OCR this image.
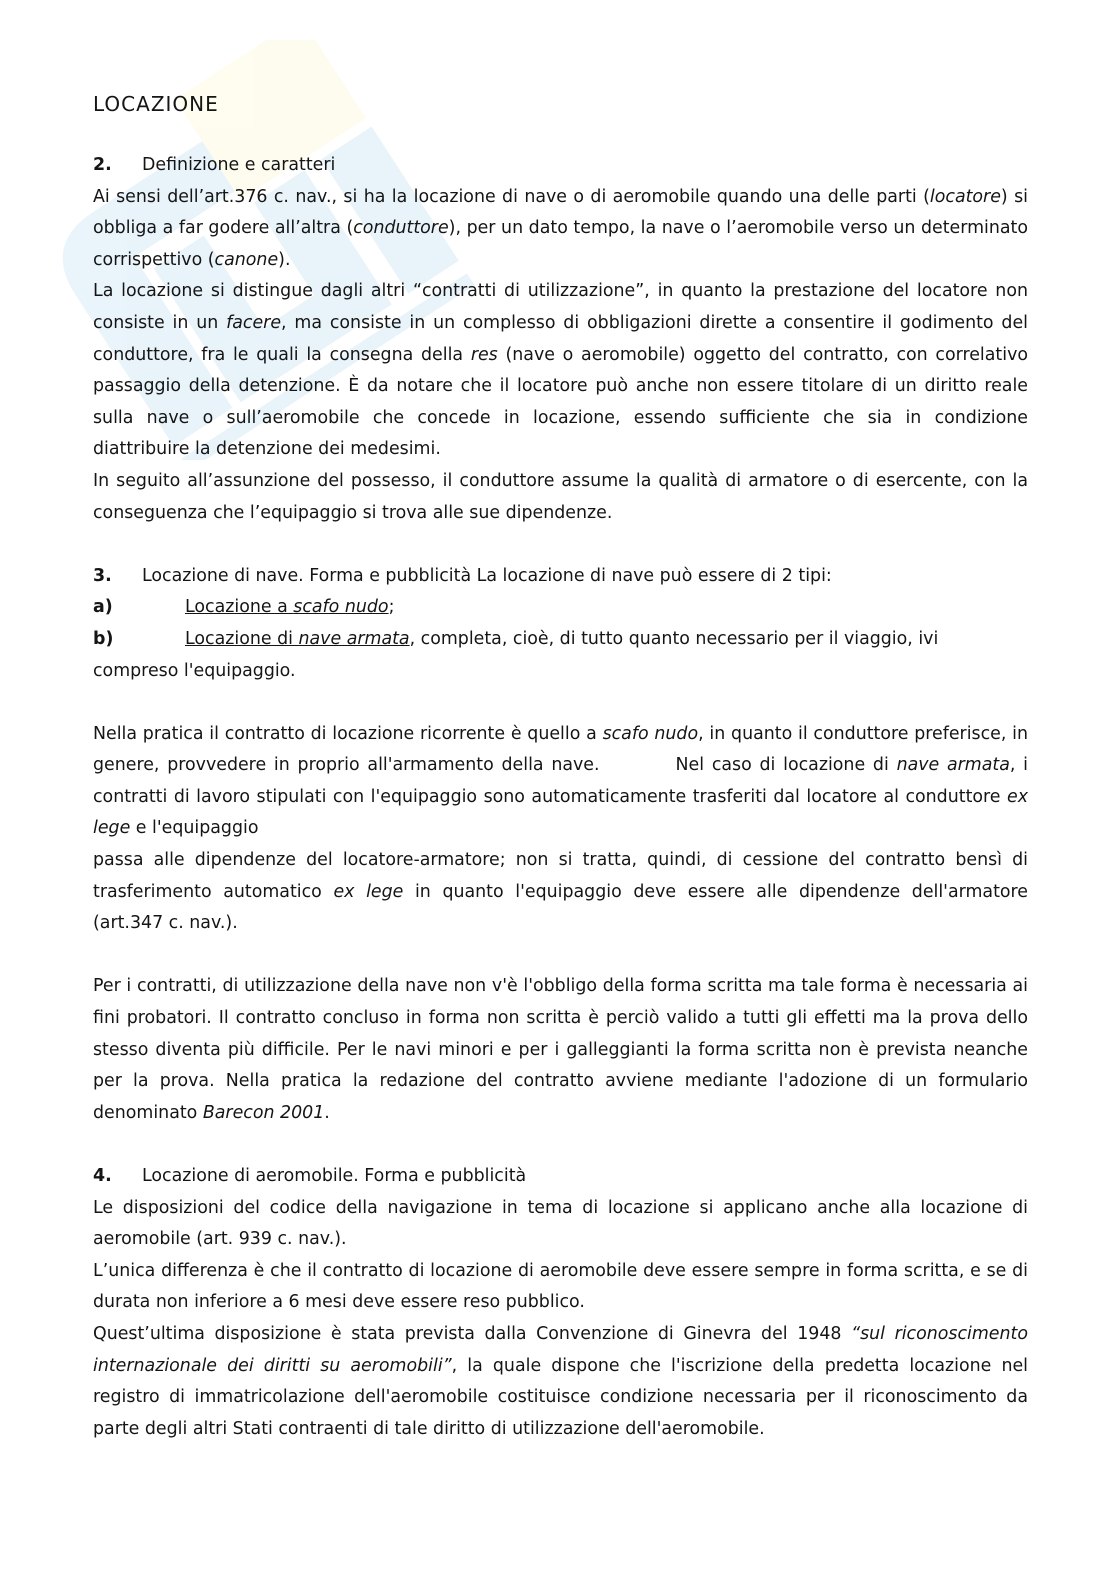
LOCAZIONE

2.	Definizione e caratteri

Ai sensi dell’art.376 c. nav., si ha la locazione di nave o di aeromobile quando una delle parti (locatore) si obbliga a far godere all’altra (conduttore), per un dato tempo, la nave o l’aeromobile verso un determinato corrispettivo (canone).

La locazione si distingue dagli altri “contratti di utilizzazione”, in quanto la prestazione del locatore non consiste in un facere, ma consiste in un complesso di obbligazioni dirette a consentire il godimento del conduttore, fra le quali la consegna della res (nave o aeromobile) oggetto del contratto, con correlativo passaggio della detenzione. È da notare che il locatore può anche non essere titolare di un diritto reale sulla nave o sull’aeromobile che concede in locazione, essendo sufficiente che sia in condizione diattribuire la detenzione dei medesimi.

In seguito all’assunzione del possesso, il conduttore assume la qualità di armatore o di esercente, con la conseguenza che l’equipaggio si trova alle sue dipendenze.

3.	Locazione di nave. Forma e pubblicità La locazione di nave può essere di 2 tipi:

a)	Locazione a scafo nudo;

b)	Locazione di nave armata, completa, cioè, di tutto quanto necessario per il viaggio, ivi

compreso l'equipaggio.

Nella pratica il contratto di locazione ricorrente è quello a scafo nudo, in quanto il conduttore preferisce, in genere, provvedere in proprio all'armamento della nave.	Nel caso di locazione di nave armata, i contratti di lavoro stipulati con l'equipaggio sono automaticamente trasferiti dal locatore al conduttore ex lege e l'equipaggio

passa alle dipendenze del locatore-armatore; non si tratta, quindi, di cessione del contratto bensì di trasferimento automatico ex lege in quanto l'equipaggio deve essere alle dipendenze dell'armatore (art.347 c. nav.).

Per i contratti, di utilizzazione della nave non v'è l'obbligo della forma scritta ma tale forma è necessaria ai fini probatori. Il contratto concluso in forma non scritta è perciò valido a tutti gli effetti ma la prova dello stesso diventa più difficile. Per le navi minori e per i galleggianti la forma scritta non è prevista neanche per la prova. Nella pratica la redazione del contratto avviene mediante l'adozione di un formulario denominato Barecon 2001.

4.	Locazione di aeromobile. Forma e pubblicità

Le disposizioni del codice della navigazione in tema di locazione si applicano anche alla locazione di aeromobile (art. 939 c. nav.).

L’unica differenza è che il contratto di locazione di aeromobile deve essere sempre in forma scritta, e se di durata non inferiore a 6 mesi deve essere reso pubblico.

Quest’ultima disposizione è stata prevista dalla Convenzione di Ginevra del 1948 “sul riconoscimento internazionale dei diritti su aeromobili”, la quale dispone che l'iscrizione della predetta locazione nel registro di immatricolazione dell'aeromobile costituisce condizione necessaria per il riconoscimento da parte degli altri Stati contraenti di tale diritto di utilizzazione dell'aeromobile.
